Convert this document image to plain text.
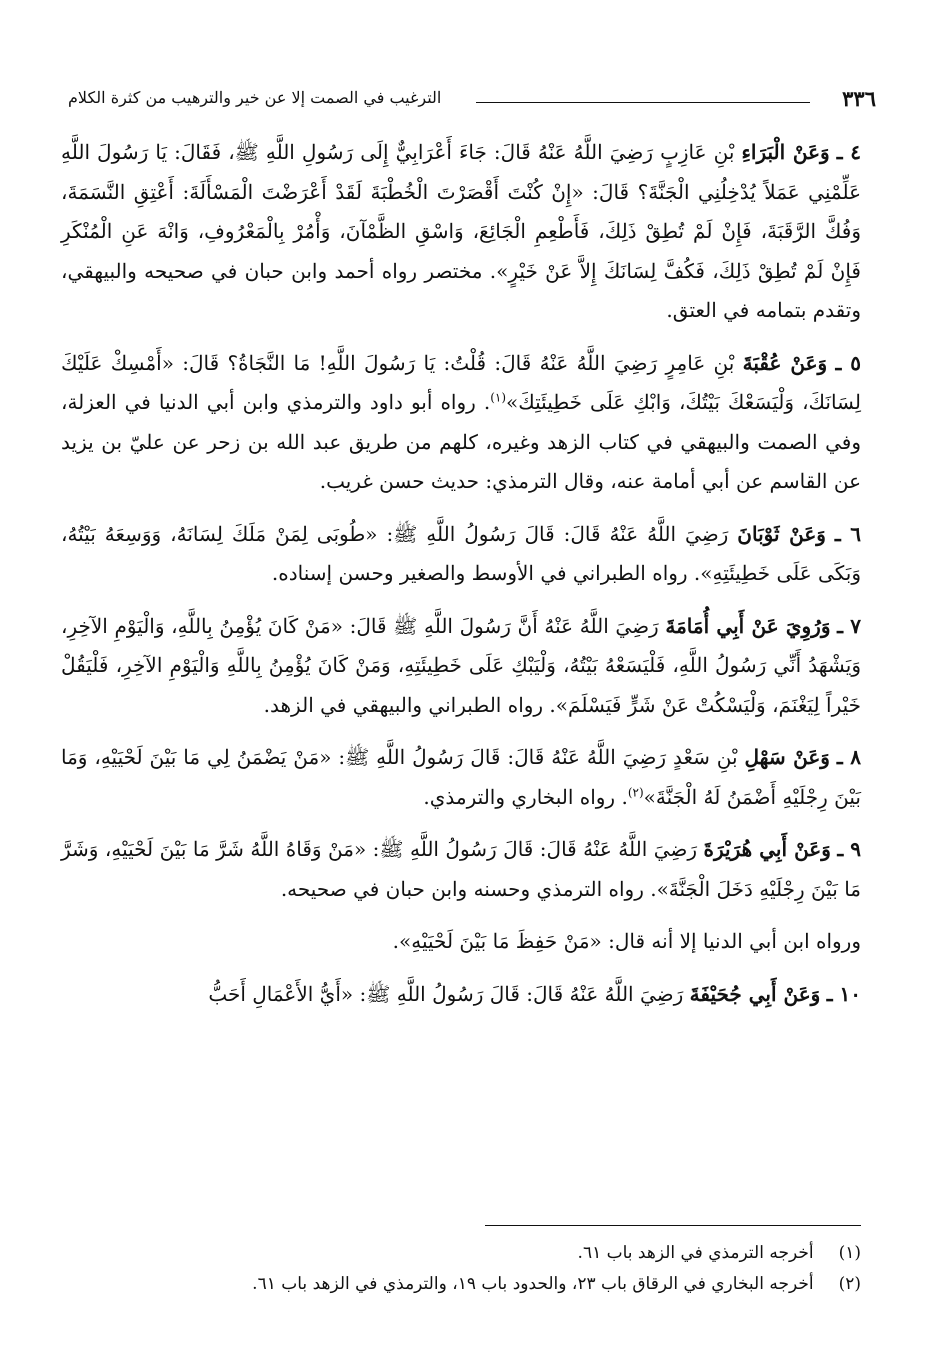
٣٣٦
الترغيب في الصمت إلا عن خير والترهيب من كثرة الكلام

٤ ـ وَعَنْ الْبَرَاءِ بْنِ عَازِبٍ رَضِيَ اللَّهُ عَنْهُ قَالَ: جَاءَ أَعْرَابِيٌّ إِلَى رَسُولِ اللَّهِ ﷺ، فَقَالَ: يَا رَسُولَ اللَّهِ عَلِّمْنِي عَمَلاً يُدْخِلُنِي الْجَنَّةَ؟ قَالَ: «إِنْ كُنْتَ أَقْصَرْتَ الْخُطْبَةَ لَقَدْ أَعْرَضْتَ الْمَسْأَلَةَ: أَعْتِقِ النَّسَمَةَ، وَفُكَّ الرَّقَبَةَ، فَإِنْ لَمْ تُطِقْ ذَلِكَ، فَأَطْعِمِ الْجَائِعَ، وَاسْقِ الظَّمْآنَ، وَأْمُرْ بِالْمَعْرُوفِ، وَانْهَ عَنِ الْمُنْكَرِ فَإِنْ لَمْ تُطِقْ ذَلِكَ، فَكُفَّ لِسَانَكَ إِلاَّ عَنْ خَيْرٍ». مختصر رواه أحمد وابن حبان في صحيحه والبيهقي، وتقدم بتمامه في العتق.

٥ ـ وَعَنْ عُقْبَةَ بْنِ عَامِرٍ رَضِيَ اللَّهُ عَنْهُ قَالَ: قُلْتُ: يَا رَسُولَ اللَّهِ! مَا النَّجَاةُ؟ قَالَ: «أَمْسِكْ عَلَيْكَ لِسَانَكَ، وَلْيَسَعْكَ بَيْتُكَ، وَابْكِ عَلَى خَطِيئَتِكَ»$^{(١)}$. رواه أبو داود والترمذي وابن أبي الدنيا في العزلة، وفي الصمت والبيهقي في كتاب الزهد وغيره، كلهم من طريق عبد الله بن زحر عن عليّ بن يزيد عن القاسم عن أبي أمامة عنه، وقال الترمذي: حديث حسن غريب.

٦ ـ وَعَنْ ثَوْبَانَ رَضِيَ اللَّهُ عَنْهُ قَالَ: قَالَ رَسُولُ اللَّهِ ﷺ: «طُوبَى لِمَنْ مَلَكَ لِسَانَهُ، وَوَسِعَهُ بَيْتُهُ، وَبَكَى عَلَى خَطِيئَتِهِ». رواه الطبراني في الأوسط والصغير وحسن إسناده.

٧ ـ وَرُوِيَ عَنْ أَبِي أُمَامَةَ رَضِيَ اللَّهُ عَنْهُ أَنَّ رَسُولَ اللَّهِ ﷺ قَالَ: «مَنْ كَانَ يُؤْمِنُ بِاللَّهِ، وَالْيَوْمِ الآخِرِ، وَيَشْهَدُ أَنِّي رَسُولُ اللَّهِ، فَلْيَسَعْهُ بَيْتُهُ، وَلْيَبْكِ عَلَى خَطِيئَتِهِ، وَمَنْ كَانَ يُؤْمِنُ بِاللَّهِ وَالْيَوْمِ الآخِرِ، فَلْيَقُلْ خَيْراً لِيَغْنَمَ، وَلْيَسْكُتْ عَنْ شَرٍّ فَيَسْلَمَ». رواه الطبراني والبيهقي في الزهد.

٨ ـ وَعَنْ سَهْلِ بْنِ سَعْدٍ رَضِيَ اللَّهُ عَنْهُ قَالَ: قَالَ رَسُولُ اللَّهِ ﷺ: «مَنْ يَضْمَنُ لِي مَا بَيْنَ لَحْيَيْهِ، وَمَا بَيْنَ رِجْلَيْهِ أَضْمَنُ لَهُ الْجَنَّةَ»$^{(٢)}$. رواه البخاري والترمذي.

٩ ـ وَعَنْ أَبِي هُرَيْرَةَ رَضِيَ اللَّهُ عَنْهُ قَالَ: قَالَ رَسُولُ اللَّهِ ﷺ: «مَنْ وَقَاهُ اللَّهُ شَرَّ مَا بَيْنَ لَحْيَيْهِ، وَشَرَّ مَا بَيْنَ رِجْلَيْهِ دَخَلَ الْجَنَّةَ». رواه الترمذي وحسنه وابن حبان في صحيحه.

ورواه ابن أبي الدنيا إلا أنه قال: «مَنْ حَفِظَ مَا بَيْنَ لَحْيَيْهِ».

١٠ ـ وَعَنْ أَبِي جُحَيْفَةَ رَضِيَ اللَّهُ عَنْهُ قَالَ: قَالَ رَسُولُ اللَّهِ ﷺ: «أَيُّ الأَعْمَالِ أَحَبُّ

(١) أخرجه الترمذي في الزهد باب ٦١.

(٢) أخرجه البخاري في الرقاق باب ٢٣، والحدود باب ١٩، والترمذي في الزهد باب ٦١.
